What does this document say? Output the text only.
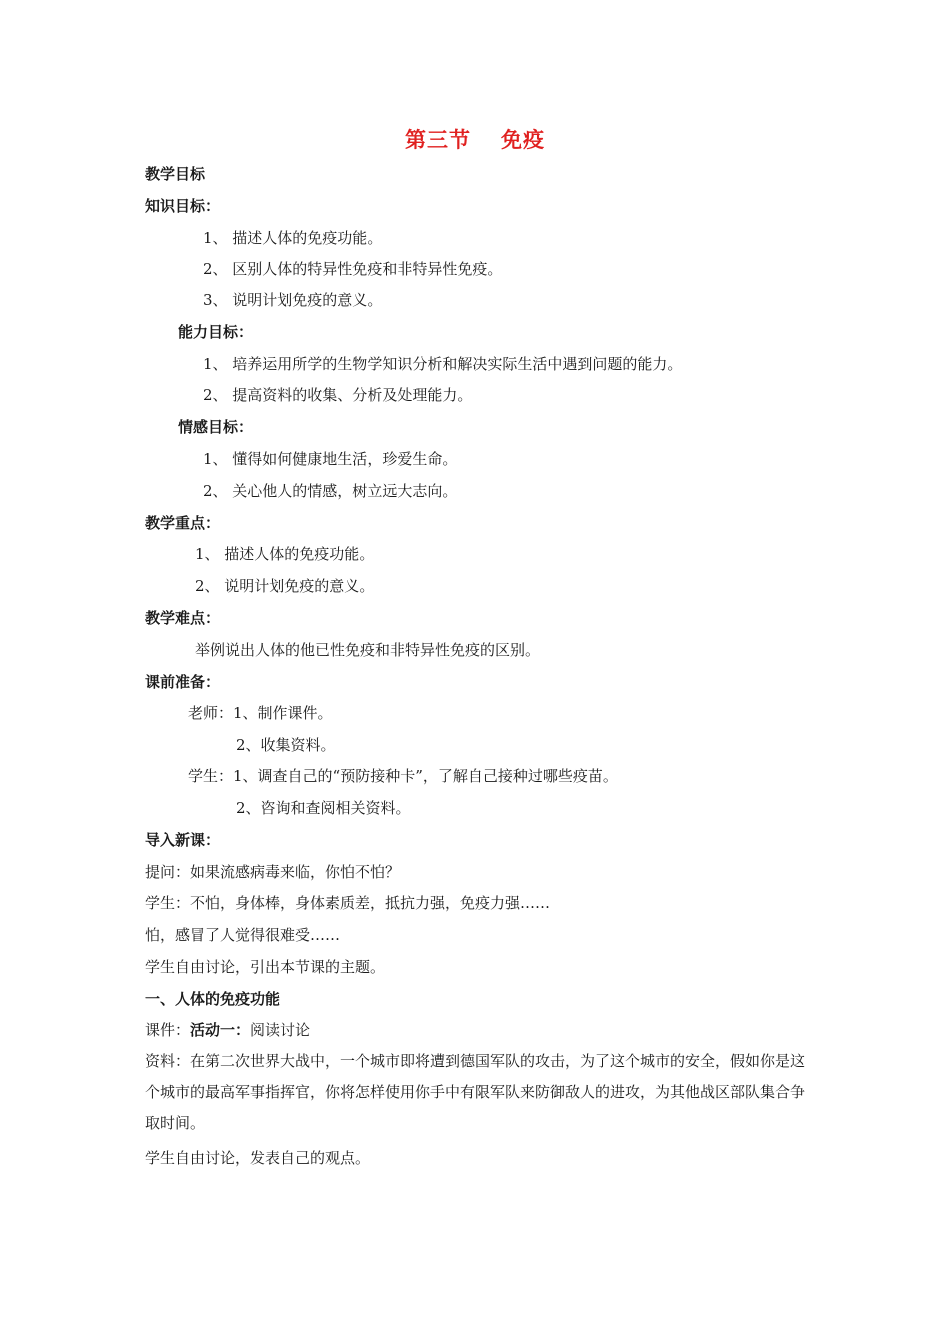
第三节 免疫
教学目标
知识目标：
1、 描述人体的免疫功能。
2、 区别人体的特异性免疫和非特异性免疫。
3、 说明计划免疫的意义。
能力目标：
1、 培养运用所学的生物学知识分析和解决实际生活中遇到问题的能力。
2、 提高资料的收集、分析及处理能力。
情感目标：
1、 懂得如何健康地生活，珍爱生命。
2、 关心他人的情感，树立远大志向。
教学重点：
1、 描述人体的免疫功能。
2、 说明计划免疫的意义。
教学难点：
举例说出人体的他已性免疫和非特异性免疫的区别。
课前准备：
老师：1、制作课件。
2、收集资料。
学生：1、调查自己的“预防接种卡”，了解自己接种过哪些疫苗。
2、咨询和查阅相关资料。
导入新课：
提问：如果流感病毒来临，你怕不怕？
学生：不怕，身体棒，身体素质差，抵抗力强，免疫力强……
怕，感冒了人觉得很难受……
学生自由讨论，引出本节课的主题。
一、人体的免疫功能
课件：活动一：阅读讨论
资料：在第二次世界大战中，一个城市即将遭到德国军队的攻击，为了这个城市的安全，假如你是这个城市的最高军事指挥官，你将怎样使用你手中有限军队来防御敌人的进攻，为其他战区部队集合争取时间。
学生自由讨论，发表自己的观点。
